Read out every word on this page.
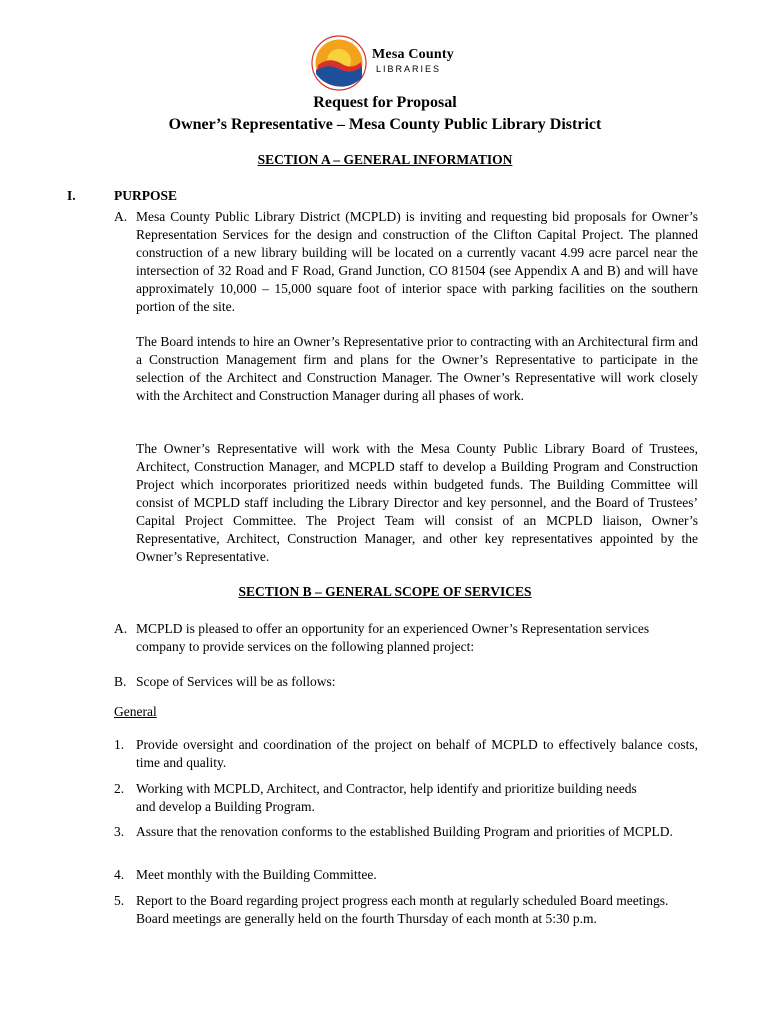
Mesa County
LIBRARIES
Request for Proposal
Owner’s Representative – Mesa County Public Library District
SECTION A – GENERAL INFORMATION
I.	PURPOSE
A. Mesa County Public Library District (MCPLD) is inviting and requesting bid proposals for Owner’s Representation Services for the design and construction of the Clifton Capital Project. The planned construction of a new library building will be located on a currently vacant 4.99 acre parcel near the intersection of 32 Road and F Road, Grand Junction, CO 81504 (see Appendix A and B) and will have approximately 10,000 – 15,000 square foot of interior space with parking facilities on the southern portion of the site.
The Board intends to hire an Owner’s Representative prior to contracting with an Architectural firm and a Construction Management firm and plans for the Owner’s Representative to participate in the selection of the Architect and Construction Manager. The Owner’s Representative will work closely with the Architect and Construction Manager during all phases of work.
The Owner’s Representative will work with the Mesa County Public Library Board of Trustees, Architect, Construction Manager, and MCPLD staff to develop a Building Program and Construction Project which incorporates prioritized needs within budgeted funds. The Building Committee will consist of MCPLD staff including the Library Director and key personnel, and the Board of Trustees’ Capital Project Committee. The Project Team will consist of an MCPLD liaison, Owner’s Representative, Architect, Construction Manager, and other key representatives appointed by the Owner’s Representative.
SECTION B – GENERAL SCOPE OF SERVICES
A. MCPLD is pleased to offer an opportunity for an experienced Owner’s Representation services company to provide services on the following planned project:
B. Scope of Services will be as follows:
General
1. Provide oversight and coordination of the project on behalf of MCPLD to effectively balance costs, time and quality.
2. Working with MCPLD, Architect, and Contractor, help identify and prioritize building needs and develop a Building Program.
3. Assure that the renovation conforms to the established Building Program and priorities of MCPLD.
4. Meet monthly with the Building Committee.
5. Report to the Board regarding project progress each month at regularly scheduled Board meetings. Board meetings are generally held on the fourth Thursday of each month at 5:30 p.m.
